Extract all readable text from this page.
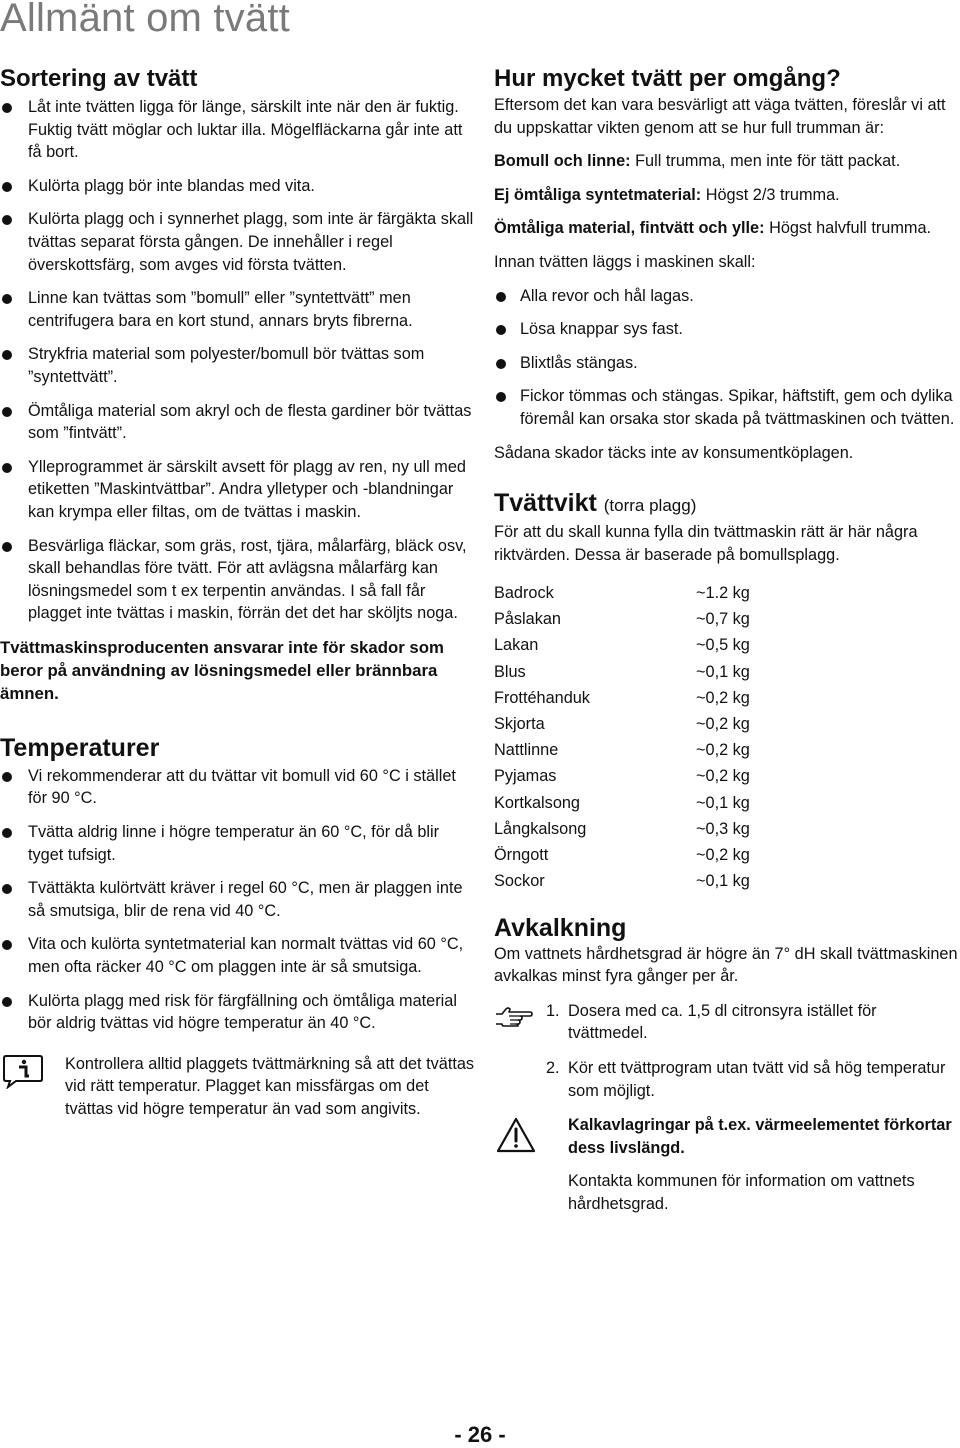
Allmänt om tvätt
Sortering av tvätt
Låt inte tvätten ligga för länge, särskilt inte när den är fuktig. Fuktig tvätt möglar och luktar illa. Mögelfläckarna går inte att få bort.
Kulörta plagg bör inte blandas med vita.
Kulörta plagg och i synnerhet plagg, som inte är färgäkta skall tvättas separat första gången. De innehåller i regel överskottsfärg, som avges vid första tvätten.
Linne kan tvättas som ”bomull” eller ”syntettvätt” men centrifugera bara en kort stund, annars bryts fibrerna.
Strykfria material som polyester/bomull bör tvättas som ”syntettvätt”.
Ömtåliga material som akryl och de flesta gardiner bör tvättas som ”fintvätt”.
Ylleprogrammet är särskilt avsett för plagg av ren, ny ull med etiketten ”Maskintvättbar”. Andra ylletyper och -blandningar kan krympa eller filtas, om de tvättas i maskin.
Besvärliga fläckar, som gräs, rost, tjära, målarfärg, bläck osv, skall behandlas före tvätt. För att avlägsna målarfärg kan lösningsmedel som t ex terpentin användas. I så fall får plagget inte tvättas i maskin, förrän det det har sköljts noga.

Tvättmaskinsproducenten ansvarar inte för skador som beror på användning av lösningsmedel eller brännbara ämnen.

Temperaturer
Vi rekommenderar att du tvättar vit bomull vid 60 °C i stället för 90 °C.
Tvätta aldrig linne i högre temperatur än 60 °C, för då blir tyget tufsigt.
Tvättäkta kulörtvätt kräver i regel 60 °C, men är plaggen inte så smutsiga, blir de rena vid 40 °C.
Vita och kulörta syntetmaterial kan normalt tvättas vid 60 °C, men ofta räcker 40 °C om plaggen inte är så smutsiga.
Kulörta plagg med risk för färgfällning och ömtåliga material bör aldrig tvättas vid högre temperatur än 40 °C.

Kontrollera alltid plaggets tvättmärkning så att det tvättas vid rätt temperatur. Plagget kan missfärgas om det tvättas vid högre temperatur än vad som angivits.

Hur mycket tvätt per omgång?

Eftersom det kan vara besvärligt att väga tvätten, föreslår vi att du uppskattar vikten genom att se hur full trumman är:

Bomull och linne: Full trumma, men inte för tätt packat.

Ej ömtåliga syntetmaterial: Högst 2/3 trumma.

Ömtåliga material, fintvätt och ylle: Högst halvfull trumma.

Innan tvätten läggs i maskinen skall:

Alla revor och hål lagas.
Lösa knappar sys fast.
Blixtlås stängas.
Fickor tömmas och stängas. Spikar, häftstift, gem och dylika föremål kan orsaka stor skada på tvättmaskinen och tvätten.

Sådana skador täcks inte av konsumentköplagen.

Tvättvikt (torra plagg)

För att du skall kunna fylla din tvättmaskin rätt är här några riktvärden. Dessa är baserade på bomullsplagg.

Badrock	~1.2 kg
Påslakan	~0,7 kg
Lakan	~0,5 kg
Blus	~0,1 kg
Frottéhanduk	~0,2 kg
Skjorta	~0,2 kg
Nattlinne	~0,2 kg
Pyjamas	~0,2 kg
Kortkalsong	~0,1 kg
Långkalsong	~0,3 kg
Örngott	~0,2 kg
Sockor	~0,1 kg
Avkalkning

Om vattnets hårdhetsgrad är högre än 7° dH skall tvättmaskinen avkalkas minst fyra gånger per år.

1. Dosera med ca. 1,5 dl citronsyra istället för tvättmedel.
2. Kör ett tvättprogram utan tvätt vid så hög temperatur som möjligt.

Kalkavlagringar på t.ex. värmeelementet förkortar dess livslängd.

Kontakta kommunen för information om vattnets hårdhetsgrad.

- 26 -
